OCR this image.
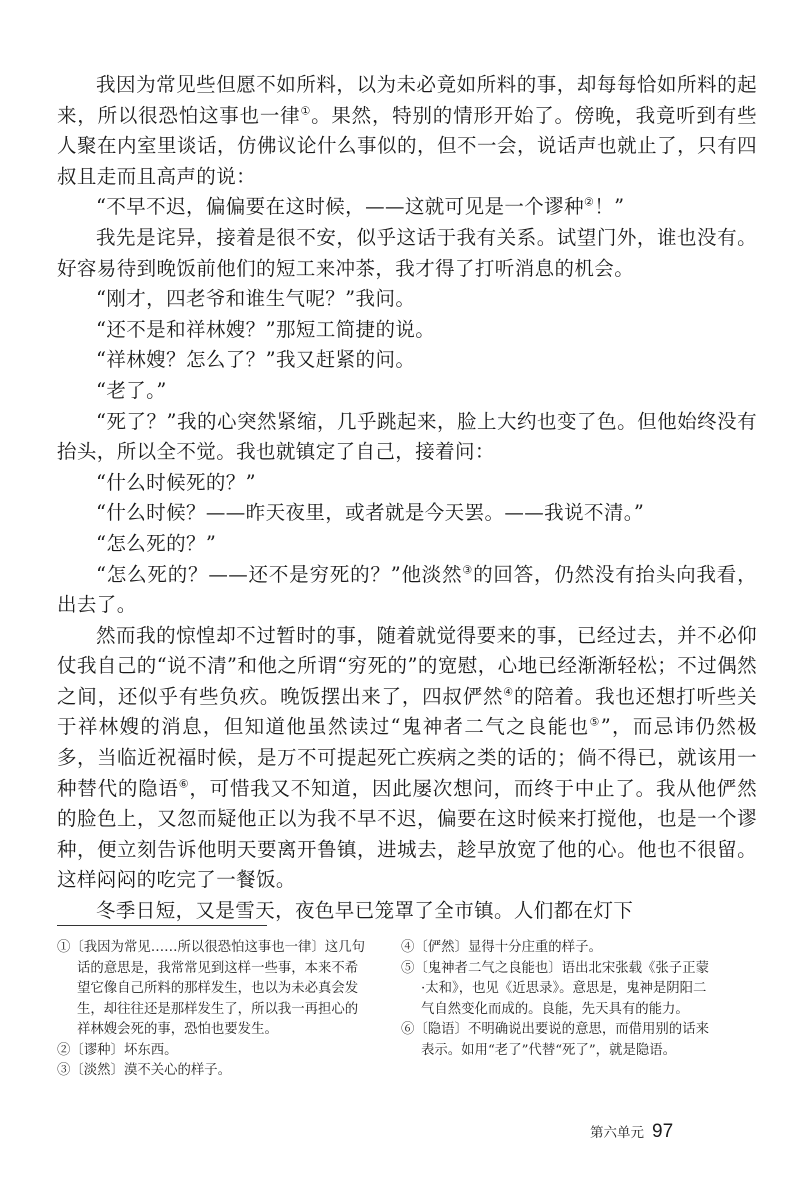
我因为常见些但愿不如所料，以为未必竟如所料的事，却每每恰如所料的起来，所以很恐怕这事也一律①。果然，特别的情形开始了。傍晚，我竟听到有些人聚在内室里谈话，仿佛议论什么事似的，但不一会，说话声也就止了，只有四叔且走而且高声的说：

“不早不迟，偏偏要在这时候，——这就可见是一个谬种②！”

我先是诧异，接着是很不安，似乎这话于我有关系。试望门外，谁也没有。好容易待到晚饭前他们的短工来冲茶，我才得了打听消息的机会。

“刚才，四老爷和谁生气呢？”我问。

“还不是和祥林嫂？”那短工简捷的说。

“祥林嫂？怎么了？”我又赶紧的问。

“老了。”

“死了？”我的心突然紧缩，几乎跳起来，脸上大约也变了色。但他始终没有抬头，所以全不觉。我也就镇定了自己，接着问：

“什么时候死的？”

“什么时候？——昨天夜里，或者就是今天罢。——我说不清。”

“怎么死的？”

“怎么死的？——还不是穷死的？”他淡然③的回答，仍然没有抬头向我看，出去了。

然而我的惊惶却不过暂时的事，随着就觉得要来的事，已经过去，并不必仰仗我自己的“说不清”和他之所谓“穷死的”的宽慰，心地已经渐渐轻松；不过偶然之间，还似乎有些负疚。晚饭摆出来了，四叔俨然④的陪着。我也还想打听些关于祥林嫂的消息，但知道他虽然读过“鬼神者二气之良能也⑤”，而忌讳仍然极多，当临近祝福时候，是万不可提起死亡疾病之类的话的；倘不得已，就该用一种替代的隐语⑥，可惜我又不知道，因此屡次想问，而终于中止了。我从他俨然的脸色上，又忽而疑他正以为我不早不迟，偏要在这时候来打搅他，也是一个谬种，便立刻告诉他明天要离开鲁镇，进城去，趁早放宽了他的心。他也不很留。这样闷闷的吃完了一餐饭。

冬季日短，又是雪天，夜色早已笼罩了全市镇。人们都在灯下

①〔我因为常见……所以很恐怕这事也一律〕这几句话的意思是，我常常见到这样一些事，本来不希望它像自己所料的那样发生，也以为未必真会发生，却往往还是那样发生了，所以我一再担心的祥林嫂会死的事，恐怕也要发生。

②〔谬种〕坏东西。

③〔淡然〕漠不关心的样子。

④〔俨然〕显得十分庄重的样子。

⑤〔鬼神者二气之良能也〕语出北宋张载《张子正蒙·太和》，也见《近思录》。意思是，鬼神是阴阳二气自然变化而成的。良能，先天具有的能力。

⑥〔隐语〕不明确说出要说的意思，而借用别的话来表示。如用“老了”代替“死了”，就是隐语。

第六单元 97
